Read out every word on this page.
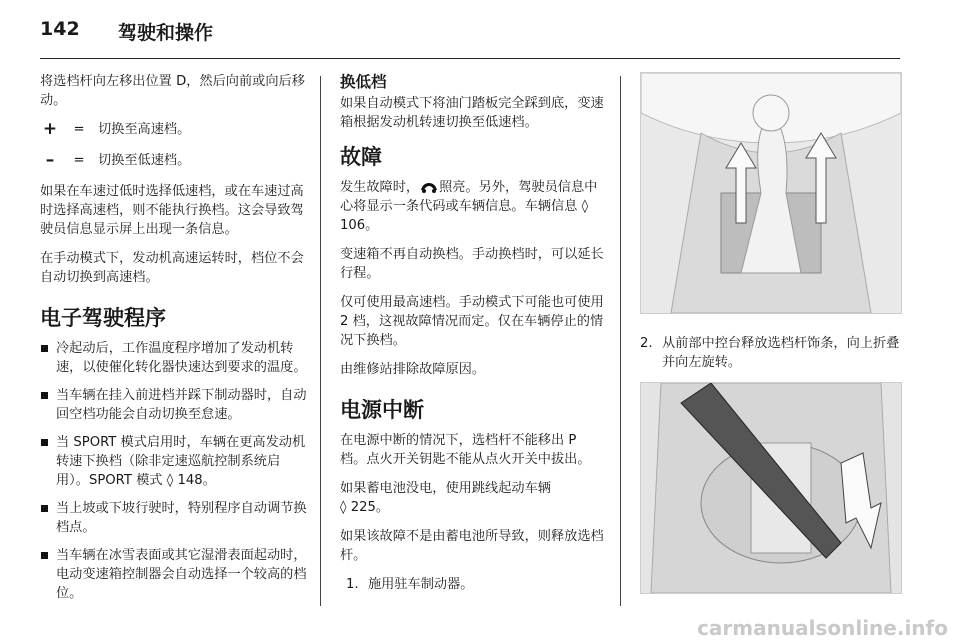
142 驾驶和操作

将选档杆向左移出位置 D，然后向前或向后移动。

+	=	切换至高速档。
–	=	切换至低速档。

如果在车速过低时选择低速档，或在车速过高时选择高速档，则不能执行换档。这会导致驾驶员信息显示屏上出现一条信息。

在手动模式下，发动机高速运转时，档位不会自动切换到高速档。

电子驾驶程序
冷起动后，工作温度程序增加了发动机转速，以使催化转化器快速达到要求的温度。
当车辆在挂入前进档并踩下制动器时，自动回空档功能会自动切换至怠速。
当 SPORT 模式启用时，车辆在更高发动机转速下换档（除非定速巡航控制系统启用）。SPORT 模式 ◊ 148。
当上坡或下坡行驶时，特别程序自动调节换档点。
当车辆在冰雪表面或其它湿滑表面起动时，电动变速箱控制器会自动选择一个较高的档位。
换低档

如果自动模式下将油门踏板完全踩到底，变速箱根据发动机转速切换至低速档。

故障

发生故障时， 照亮。另外，驾驶员信息中心将显示一条代码或车辆信息。车辆信息 ◊ 106。

变速箱不再自动换档。手动换档时，可以延长行程。

仅可使用最高速档。手动模式下可能也可使用 2 档，这视故障情况而定。仅在车辆停止的情况下换档。

由维修站排除故障原因。

电源中断

在电源中断的情况下，选档杆不能移出 P 档。点火开关钥匙不能从点火开关中拔出。

如果蓄电池没电，使用跳线起动车辆
◊ 225。

如果该故障不是由蓄电池所导致，则释放选档杆。

1. 施用驻车制动器。
2. 从前部中控台释放选档杆饰条，向上折叠并向左旋转。
carmanualsonline.info
